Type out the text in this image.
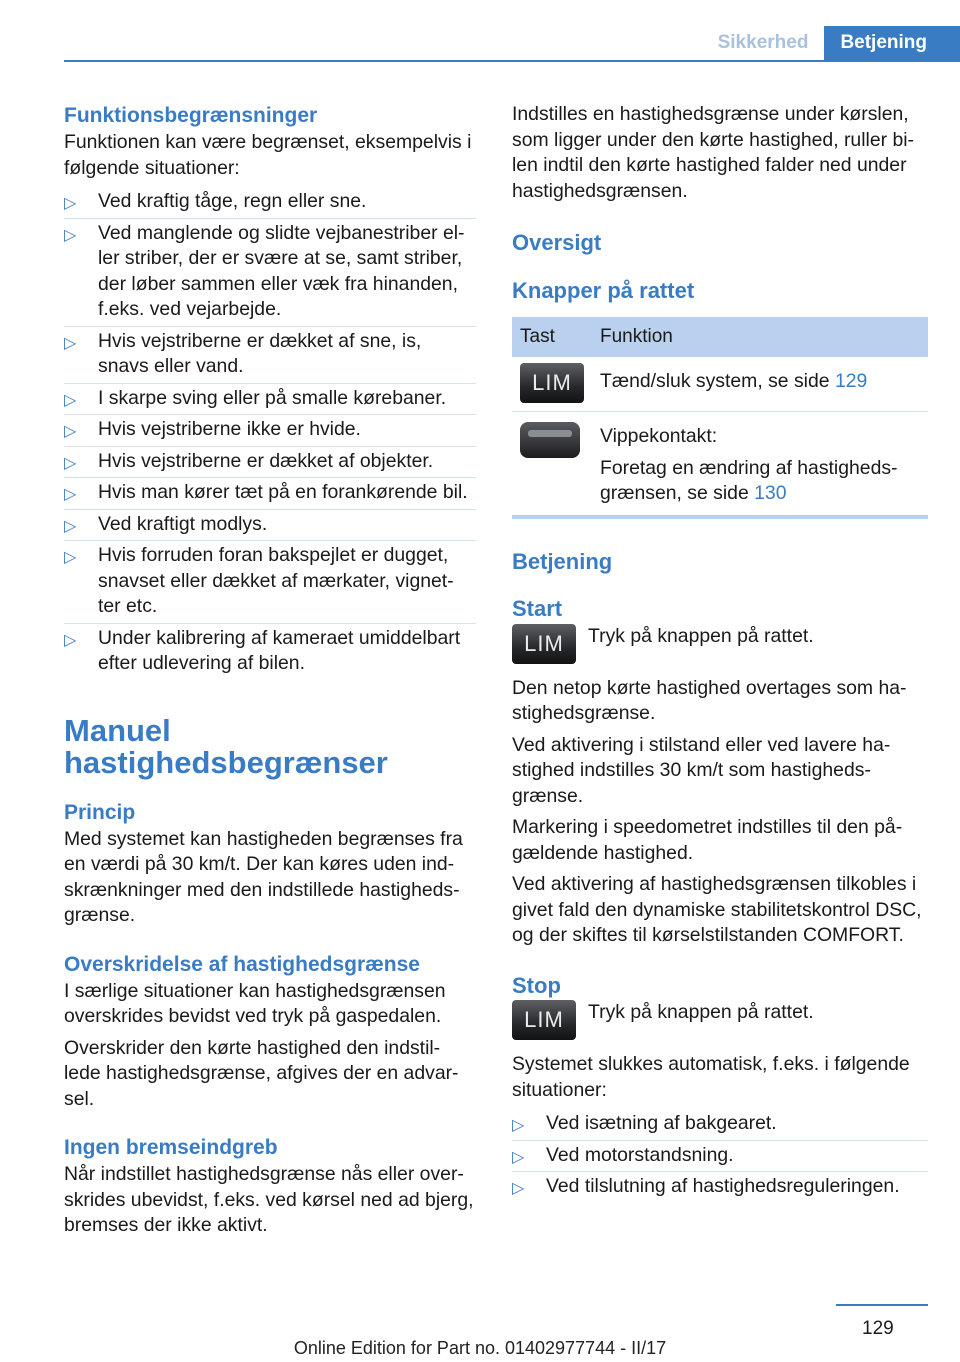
Sikkerhed	Betjening

Funktionsbegrænsninger

Funktionen kan være begrænset, eksempelvis i følgende situationer:

▷ Ved kraftig tåge, regn eller sne.
▷ Ved manglende og slidte vejbanestriber el‐ler striber, der er svære at se, samt striber, der løber sammen eller væk fra hinanden, f.eks. ved vejarbejde.
▷ Hvis vejstriberne er dækket af sne, is, snavs eller vand.
▷ I skarpe sving eller på smalle kørebaner.
▷ Hvis vejstriberne ikke er hvide.
▷ Hvis vejstriberne er dækket af objekter.
▷ Hvis man kører tæt på en forankørende bil.
▷ Ved kraftigt modlys.
▷ Hvis forruden foran bakspejlet er dugget, snavset eller dækket af mærkater, vignet‐ter etc.
▷ Under kalibrering af kameraet umiddelbart efter udlevering af bilen.

Manuel hastighedsbegrænser

Princip

Med systemet kan hastigheden begrænses fra en værdi på 30 km/t. Der kan køres uden ind‐skrænkninger med den indstillede hastigheds‐grænse.

Overskridelse af hastighedsgrænse

I særlige situationer kan hastighedsgrænsen overskrides bevidst ved tryk på gaspedalen.

Overskrider den kørte hastighed den indstil‐lede hastighedsgrænse, afgives der en advar‐sel.

Ingen bremseindgreb

Når indstillet hastighedsgrænse nås eller over‐skrides ubevidst, f.eks. ved kørsel ned ad bjerg, bremses der ikke aktivt.

Indstilles en hastighedsgrænse under kørslen, som ligger under den kørte hastighed, ruller bi‐len indtil den kørte hastighed falder ned under hastighedsgrænsen.

Oversigt

Knapper på rattet

Tast	Funktion
LIM	Tænd/sluk system, se side 129

	Vippekontakt:
Foretag en ændring af hastigheds‐grænsen, se side 130

Betjening

Start

LIM	Tryk på knappen på rattet.

Den netop kørte hastighed overtages som ha‐stighedsgrænse.

Ved aktivering i stilstand eller ved lavere ha‐stighed indstilles 30 km/t som hastigheds‐grænse.

Markering i speedometret indstilles til den på‐gældende hastighed.

Ved aktivering af hastighedsgrænsen tilkobles i givet fald den dynamiske stabilitetskontrol DSC, og der skiftes til kørselstilstanden COMFORT.

Stop

LIM	Tryk på knappen på rattet.

Systemet slukkes automatisk, f.eks. i følgende situationer:

▷ Ved isætning af bakgearet.
▷ Ved motorstandsning.
▷ Ved tilslutning af hastighedsreguleringen.
129
Online Edition for Part no. 01402977744 - II/17
